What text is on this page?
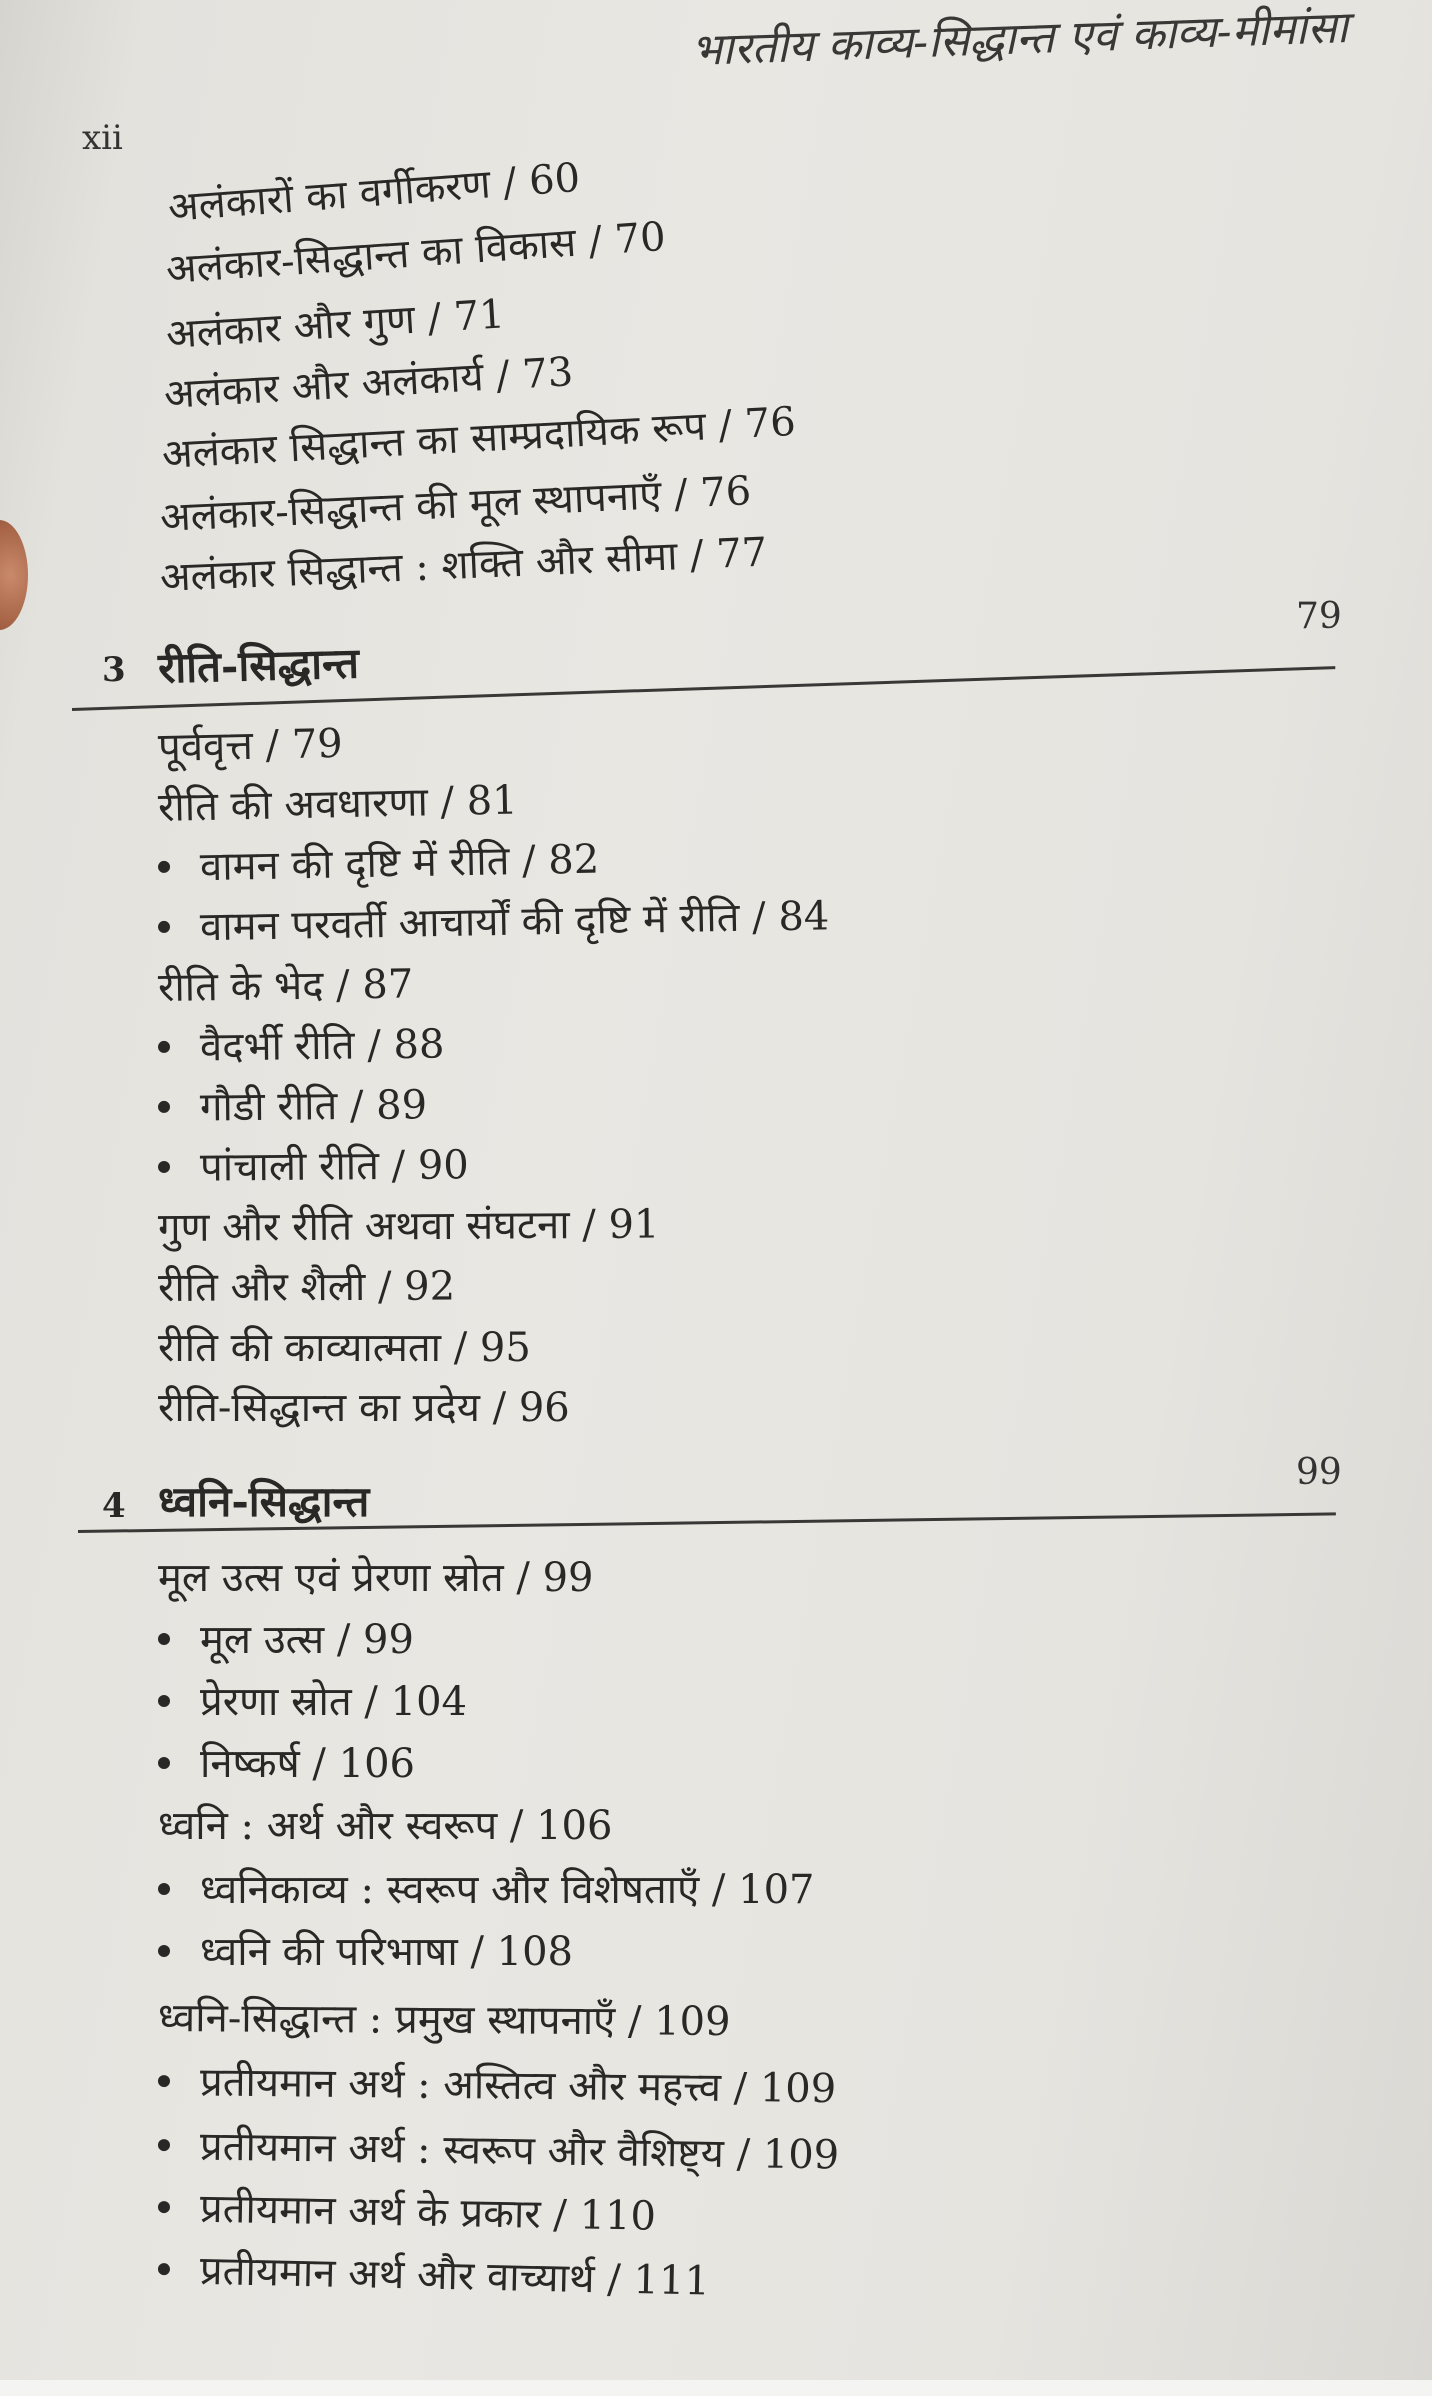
भारतीय काव्य-सिद्धान्त एवं काव्य-मीमांसा
xii
अलंकारों का वर्गीकरण / 60
अलंकार-सिद्धान्त का विकास / 70
अलंकार और गुण / 71
अलंकार और अलंकार्य / 73
अलंकार सिद्धान्त का साम्प्रदायिक रूप / 76
अलंकार-सिद्धान्त की मूल स्थापनाएँ / 76
अलंकार सिद्धान्त : शक्ति और सीमा / 77
79
3 रीति-सिद्धान्त
पूर्ववृत्त / 79
रीति की अवधारणा / 81
वामन की दृष्टि में रीति / 82
वामन परवर्ती आचार्यों की दृष्टि में रीति / 84
रीति के भेद / 87
वैदर्भी रीति / 88
गौडी रीति / 89
पांचाली रीति / 90
गुण और रीति अथवा संघटना / 91
रीति और शैली / 92
रीति की काव्यात्मता / 95
रीति-सिद्धान्त का प्रदेय / 96
99
4 ध्वनि-सिद्धान्त
मूल उत्स एवं प्रेरणा स्रोत / 99
मूल उत्स / 99
प्रेरणा स्रोत / 104
निष्कर्ष / 106
ध्वनि : अर्थ और स्वरूप / 106
ध्वनिकाव्य : स्वरूप और विशेषताएँ / 107
ध्वनि की परिभाषा / 108
ध्वनि-सिद्धान्त : प्रमुख स्थापनाएँ / 109
प्रतीयमान अर्थ : अस्तित्व और महत्त्व / 109
प्रतीयमान अर्थ : स्वरूप और वैशिष्ट्य / 109
प्रतीयमान अर्थ के प्रकार / 110
प्रतीयमान अर्थ और वाच्यार्थ / 111
